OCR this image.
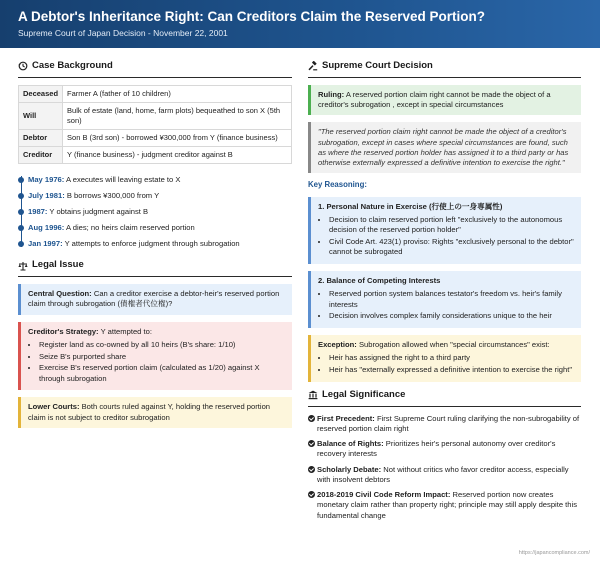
A Debtor's Inheritance Right: Can Creditors Claim the Reserved Portion?
Supreme Court of Japan Decision - November 22, 2001
Case Background
Deceased	Farmer A (father of 10 children)
Will	Bulk of estate (land, home, farm plots) bequeathed to son X (5th son)
Debtor	Son B (3rd son) - borrowed ¥300,000 from Y (finance business)
Creditor	Y (finance business) - judgment creditor against B
May 1976: A executes will leaving estate to X
July 1981: B borrows ¥300,000 from Y
1987: Y obtains judgment against B
Aug 1996: A dies; no heirs claim reserved portion
Jan 1997: Y attempts to enforce judgment through subrogation
Legal Issue
Central Question: Can a creditor exercise a debtor-heir's reserved portion claim through subrogation (債権者代位権)?
Creditor's Strategy: Y attempted to:
• Register land as co-owned by all 10 heirs (B's share: 1/10)
• Seize B's purported share
• Exercise B's reserved portion claim (calculated as 1/20) against X through subrogation
Lower Courts: Both courts ruled against Y, holding the reserved portion claim is not subject to creditor subrogation
Supreme Court Decision
Ruling: A reserved portion claim right cannot be made the object of a creditor's subrogation , except in special circumstances
"The reserved portion claim right cannot be made the object of a creditor's subrogation, except in cases where special circumstances are found, such as where the reserved portion holder has assigned it to a third party or has otherwise externally expressed a definitive intention to exercise the right."
Key Reasoning:
1. Personal Nature in Exercise (行使上の一身専属性)
• Decision to claim reserved portion left "exclusively to the autonomous decision of the reserved portion holder"
• Civil Code Art. 423(1) proviso: Rights "exclusively personal to the debtor" cannot be subrogated
2. Balance of Competing Interests
• Reserved portion system balances testator's freedom vs. heir's family interests
• Decision involves complex family considerations unique to the heir
Exception: Subrogation allowed when "special circumstances" exist:
• Heir has assigned the right to a third party
• Heir has "externally expressed a definitive intention to exercise the right"
Legal Significance
First Precedent: First Supreme Court ruling clarifying the non-subrogability of reserved portion claim right
Balance of Rights: Prioritizes heir's personal autonomy over creditor's recovery interests
Scholarly Debate: Not without critics who favor creditor access, especially with insolvent debtors
2018-2019 Civil Code Reform Impact: Reserved portion now creates monetary claim rather than property right; principle may still apply despite this fundamental change
https://japancompliance.com/
